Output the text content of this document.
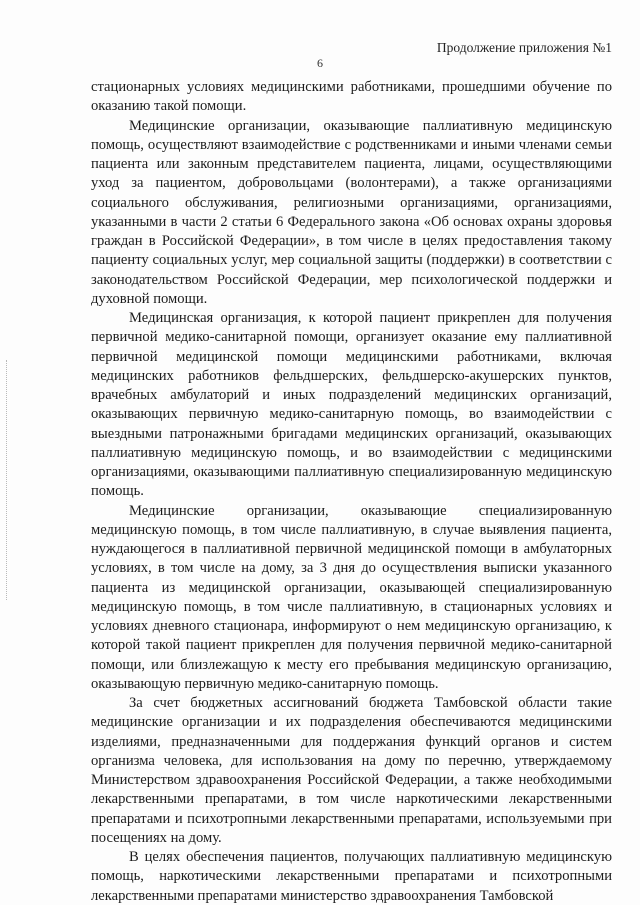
Продолжение приложения №1
6

стационарных условиях медицинскими работниками, прошедшими обучение по оказанию такой помощи.

Медицинские организации, оказывающие паллиативную медицинскую помощь, осуществляют взаимодействие с родственниками и иными членами семьи пациента или законным представителем пациента, лицами, осуществляющими уход за пациентом, добровольцами (волонтерами), а также организациями социального обслуживания, религиозными организациями, организациями, указанными в части 2 статьи 6 Федерального закона «Об основах охраны здоровья граждан в Российской Федерации», в том числе в целях предоставления такому пациенту социальных услуг, мер социальной защиты (поддержки) в соответствии с законодательством Российской Федерации, мер психологической поддержки и духовной помощи.

Медицинская организация, к которой пациент прикреплен для получения первичной медико-санитарной помощи, организует оказание ему паллиативной первичной медицинской помощи медицинскими работниками, включая медицинских работников фельдшерских, фельдшерско-акушерских пунктов, врачебных амбулаторий и иных подразделений медицинских организаций, оказывающих первичную медико-санитарную помощь, во взаимодействии с выездными патронажными бригадами медицинских организаций, оказывающих паллиативную медицинскую помощь, и во взаимодействии с медицинскими организациями, оказывающими паллиативную специализированную медицинскую помощь.

Медицинские организации, оказывающие специализированную медицинскую помощь, в том числе паллиативную, в случае выявления пациента, нуждающегося в паллиативной первичной медицинской помощи в амбулаторных условиях, в том числе на дому, за 3 дня до осуществления выписки указанного пациента из медицинской организации, оказывающей специализированную медицинскую помощь, в том числе паллиативную, в стационарных условиях и условиях дневного стационара, информируют о нем медицинскую организацию, к которой такой пациент прикреплен для получения первичной медико-санитарной помощи, или близлежащую к месту его пребывания медицинскую организацию, оказывающую первичную медико-санитарную помощь.

За счет бюджетных ассигнований бюджета Тамбовской области такие медицинские организации и их подразделения обеспечиваются медицинскими изделиями, предназначенными для поддержания функций органов и систем организма человека, для использования на дому по перечню, утверждаемому Министерством здравоохранения Российской Федерации, а также необходимыми лекарственными препаратами, в том числе наркотическими лекарственными препаратами и психотропными лекарственными препаратами, используемыми при посещениях на дому.

В целях обеспечения пациентов, получающих паллиативную медицинскую помощь, наркотическими лекарственными препаратами и психотропными лекарственными препаратами министерство здравоохранения Тамбовской
